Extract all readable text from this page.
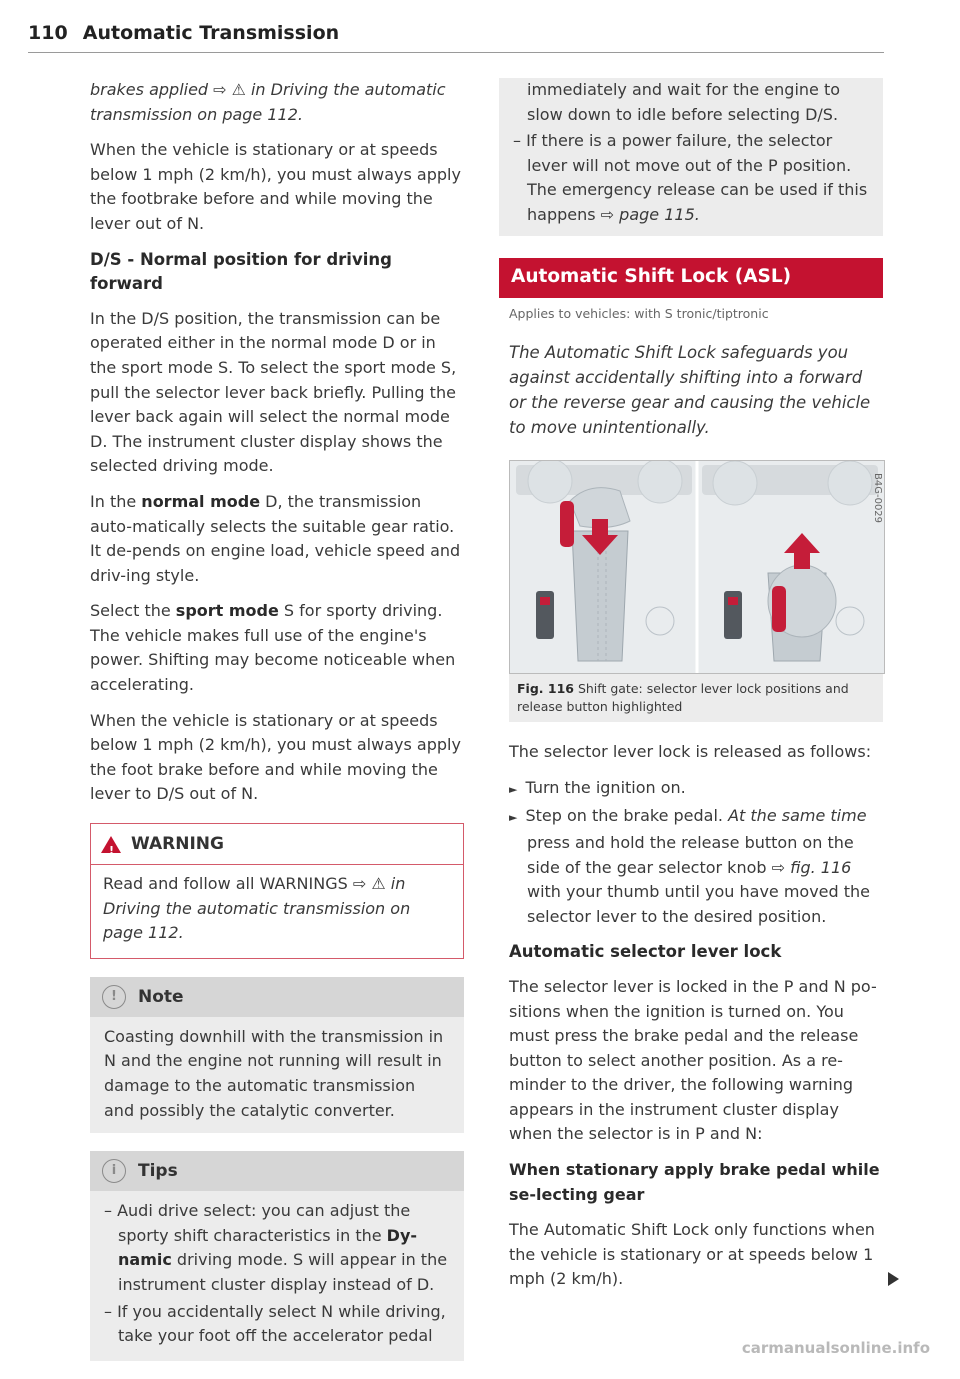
110 Automatic Transmission

brakes applied ⇨ ⚠ in Driving the automatic transmission on page 112.

When the vehicle is stationary or at speeds below 1 mph (2 km/h), you must always apply the footbrake before and while moving the lever out of N.

D/S - Normal position for driving forward

In the D/S position, the transmission can be operated either in the normal mode D or in the sport mode S. To select the sport mode S, pull the selector lever back briefly. Pulling the lever back again will select the normal mode D. The instrument cluster display shows the selected driving mode.

In the normal mode D, the transmission auto-matically selects the suitable gear ratio. It de-pends on engine load, vehicle speed and driv-ing style.

Select the sport mode S for sporty driving. The vehicle makes full use of the engine's power. Shifting may become noticeable when accelerating.

When the vehicle is stationary or at speeds below 1 mph (2 km/h), you must always apply the foot brake before and while moving the lever to D/S out of N.

!
WARNING
Read and follow all WARNINGS ⇨ ⚠ in Driving the automatic transmission on page 112.
!	Note
Coasting downhill with the transmission in N and the engine not running will result in damage to the automatic transmission and possibly the catalytic converter.
i	Tips

– Audi drive select: you can adjust the sporty shift characteristics in the Dy-namic driving mode. S will appear in the instrument cluster display instead of D.

– If you accidentally select N while driving, take your foot off the accelerator pedal

immediately and wait for the engine to slow down to idle before selecting D/S.

– If there is a power failure, the selector lever will not move out of the P position. The emergency release can be used if this happens ⇨ page 115.

Automatic Shift Lock (ASL)
Applies to vehicles: with S tronic/tiptronic
The Automatic Shift Lock safeguards you against accidentally shifting into a forward or the reverse gear and causing the vehicle to move unintentionally.
B4G-0029
Fig. 116 Shift gate: selector lever lock positions and release button highlighted

The selector lever lock is released as follows:

► Turn the ignition on.

► Step on the brake pedal. At the same time press and hold the release button on the side of the gear selector knob ⇨ fig. 116 with your thumb until you have moved the selector lever to the desired position.

Automatic selector lever lock

The selector lever is locked in the P and N po-sitions when the ignition is turned on. You must press the brake pedal and the release button to select another position. As a re-minder to the driver, the following warning appears in the instrument cluster display when the selector is in P and N:

When stationary apply brake pedal while se-lecting gear

The Automatic Shift Lock only functions when the vehicle is stationary or at speeds below 1 mph (2 km/h).

carmanualsonline.info
